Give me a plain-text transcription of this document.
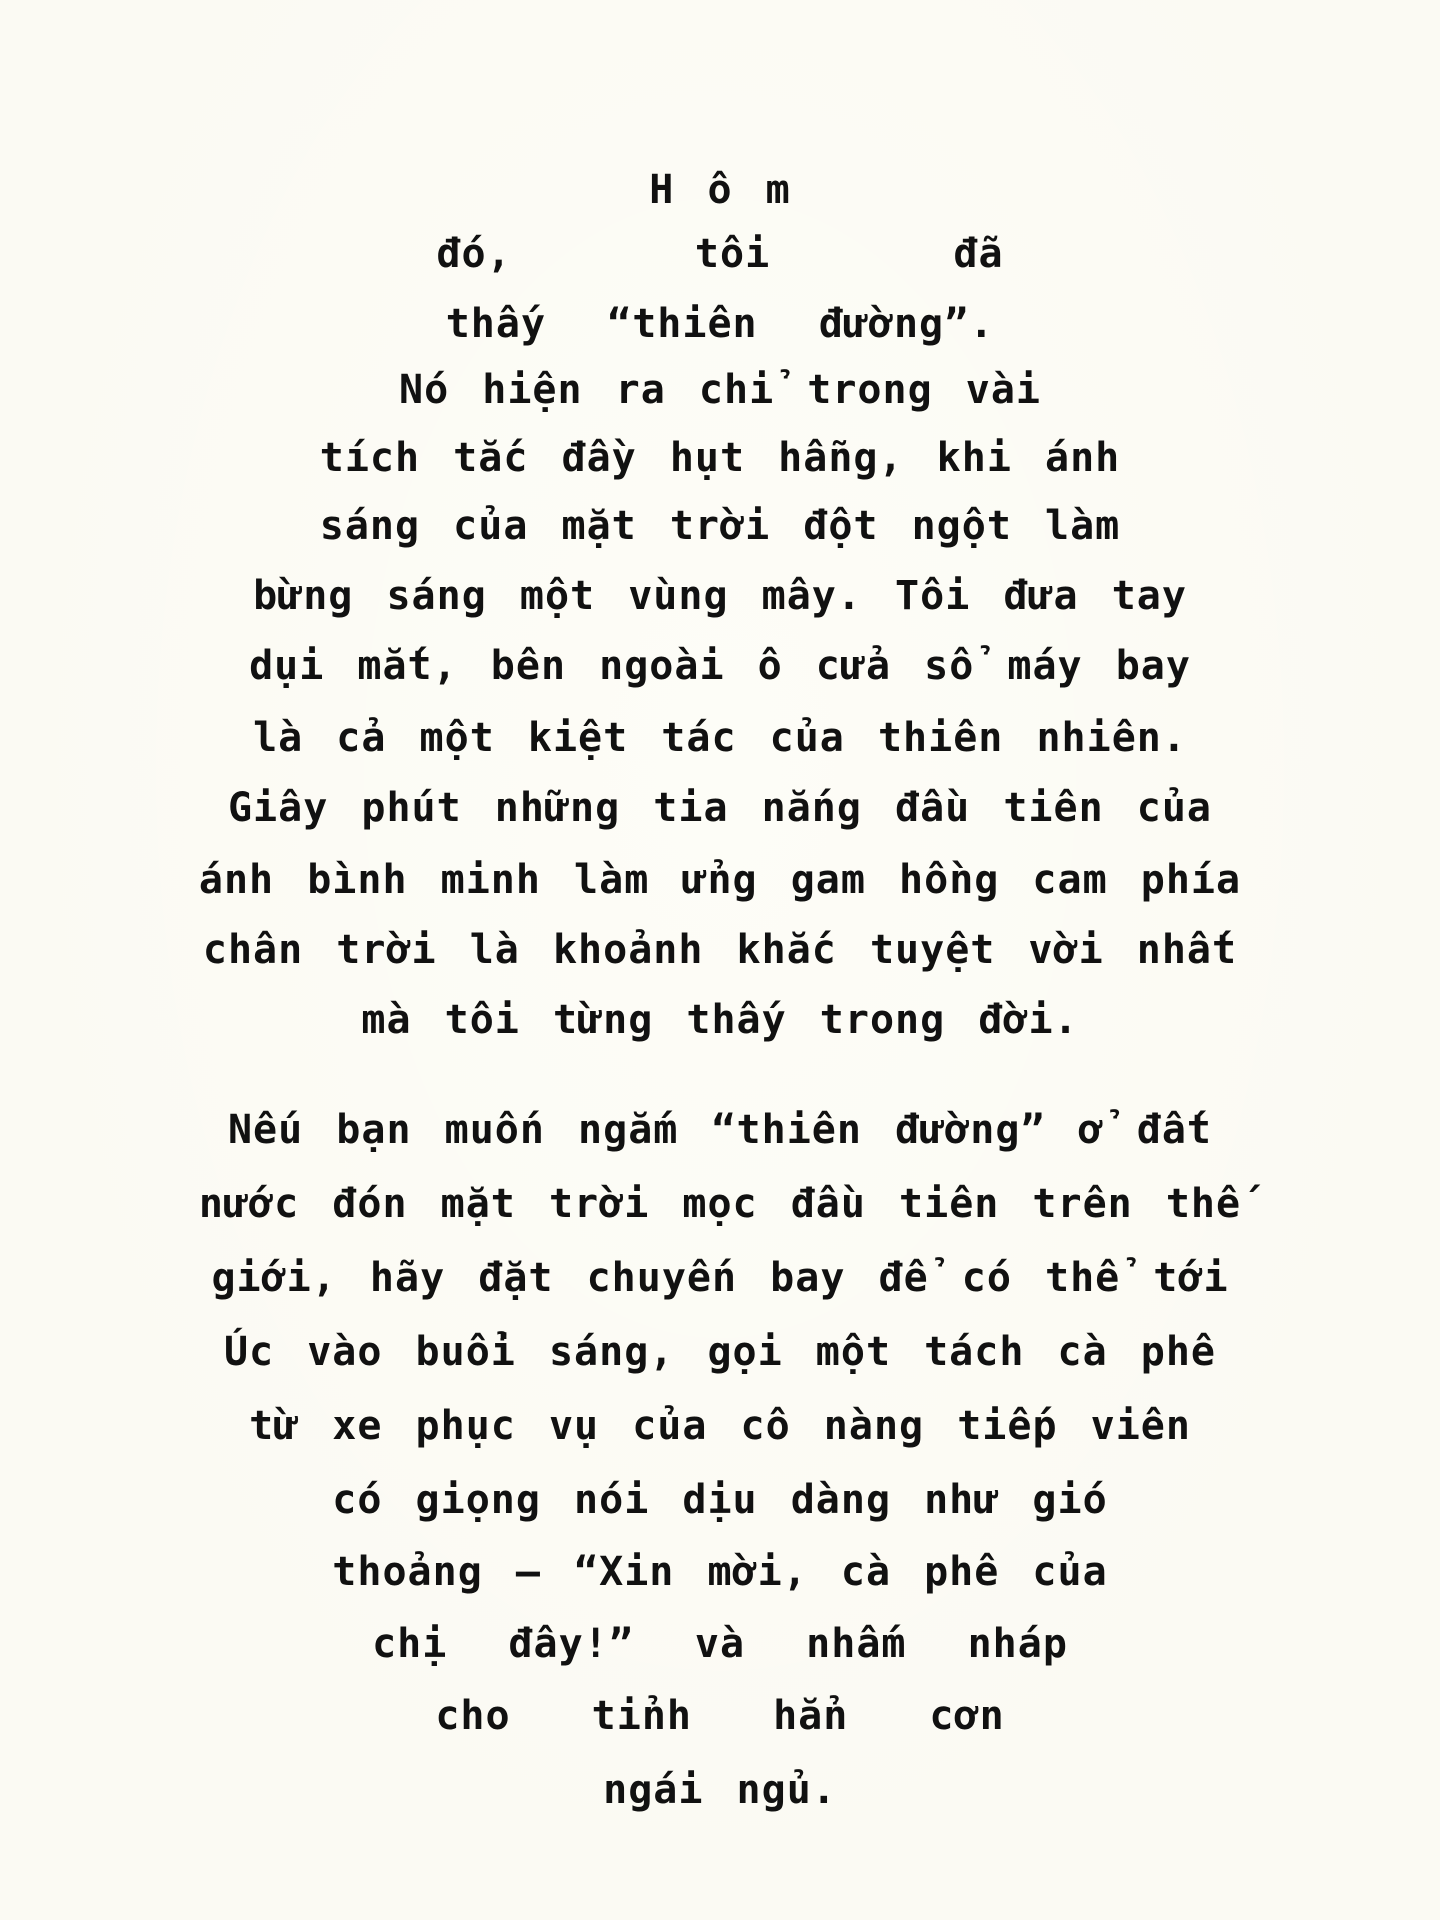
H ô m
đó,   tôi   đã
thấy “thiên đường”.
Nó hiện ra chỉ trong vài
tích tắc đầy hụt hẫng, khi ánh
sáng của mặt trời đột ngột làm
bừng sáng một vùng mây. Tôi đưa tay
dụi mắt, bên ngoài ô cửa sổ máy bay
là cả một kiệt tác của thiên nhiên.
Giây phút những tia nắng đầu tiên của
ánh bình minh làm ửng gam hồng cam phía
chân trời là khoảnh khắc tuyệt vời nhất
mà tôi từng thấy trong đời.
Nếu bạn muốn ngắm “thiên đường” ở đất
nước đón mặt trời mọc đầu tiên trên thế
giới, hãy đặt chuyến bay để có thể tới
Úc vào buổi sáng, gọi một tách cà phê
từ xe phục vụ của cô nàng tiếp viên
có giọng nói dịu dàng như gió
thoảng – “Xin mời, cà phê của
chị đây!” và nhấm nháp
cho tỉnh hẳn cơn
ngái ngủ.
